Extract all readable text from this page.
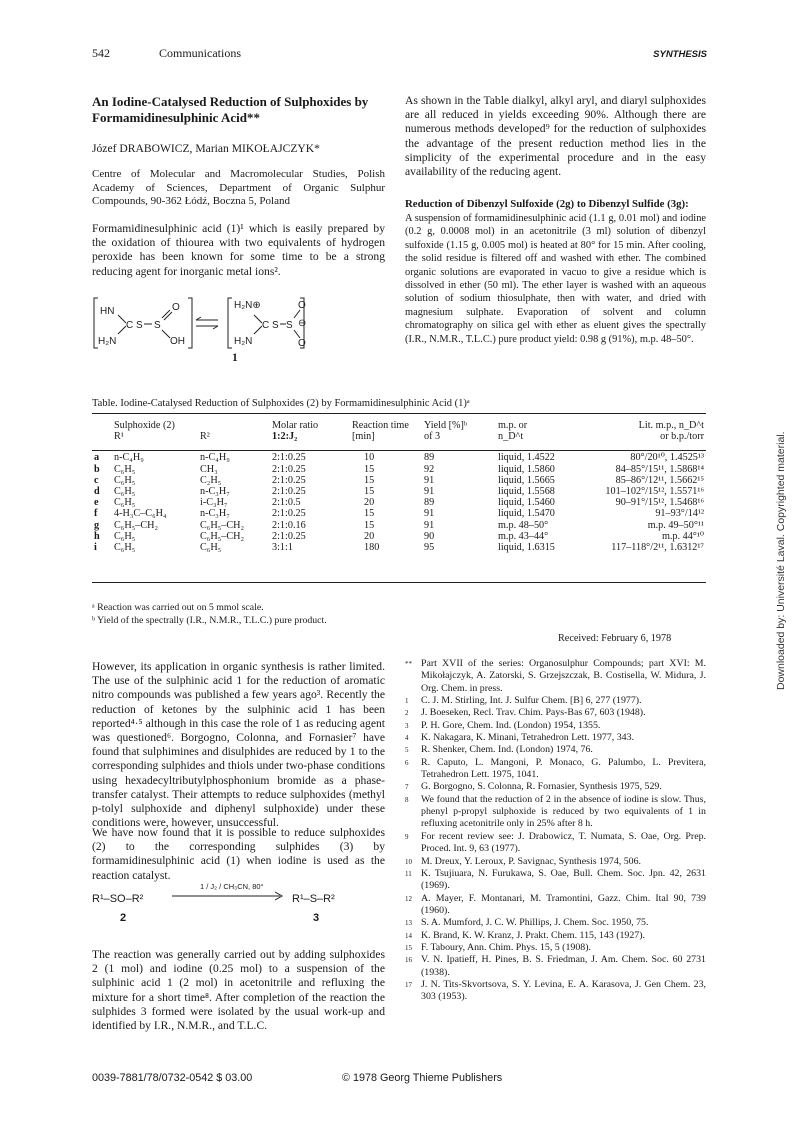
542	Communications	SYNTHESIS
An Iodine-Catalysed Reduction of Sulphoxides by Formamidinesulphinic Acid**
Józef DRABOWICZ, Marian MIKOŁAJCZYK*
Centre of Molecular and Macromolecular Studies, Polish Academy of Sciences, Department of Organic Sulphur Compounds, 90-362 Łódź, Boczna 5, Poland
Formamidinesulphinic acid (1)¹ which is easily prepared by the oxidation of thiourea with two equivalents of hydrogen peroxide has been known for some time to be a strong reducing agent for inorganic metal ions².
HN
C S S
O
OH
H₂N
H₂N⊕
C S S
O
⊖
O
H₂N
1
As shown in the Table dialkyl, alkyl aryl, and diaryl sulphoxides are all reduced in yields exceeding 90%. Although there are numerous methods developed⁹ for the reduction of sulphoxides the advantage of the present reduction method lies in the simplicity of the experimental procedure and in the easy availability of the reducing agent.
Reduction of Dibenzyl Sulfoxide (2g) to Dibenzyl Sulfide (3g):
A suspension of formamidinesulphinic acid (1.1 g, 0.01 mol) and iodine (0.2 g, 0.0008 mol) in an acetonitrile (3 ml) solution of dibenzyl sulfoxide (1.15 g, 0.005 mol) is heated at 80° for 15 min. After cooling, the solid residue is filtered off and washed with ether. The combined organic solutions are evaporated in vacuo to give a residue which is dissolved in ether (50 ml). The ether layer is washed with an aqueous solution of sodium thiosulphate, then with water, and dried with magnesium sulphate. Evaporation of solvent and column chromatography on silica gel with ether as eluent gives the spectrally (I.R., N.M.R., T.L.C.) pure product yield: 0.98 g (91%), m.p. 48–50°.
Table. Iodine-Catalysed Reduction of Sulphoxides (2) by Formamidinesulphinic Acid (1)ᵃ
	Sulphoxide (2)		Molar ratio	Reaction time	Yield [%]ᵇ	m.p. or	Lit. m.p., n_D^t
	R¹	R²	1:2:J₂	[min]	of 3	n_D^t	or b.p./torr

a	n-C₄H₉	n-C₄H₉	2:1:0.25	10	89	liquid, 1.4522	80°/20¹⁰, 1.4525¹³
b	C₆H₅	CH₃	2:1:0.25	15	92	liquid, 1.5860	84–85°/15¹¹, 1.5868¹⁴
c	C₆H₅	C₂H₅	2:1:0.25	15	91	liquid, 1.5665	85–86°/12¹¹, 1.5662¹⁵
d	C₆H₅	n-C₃H₇	2:1:0.25	15	91	liquid, 1.5568	101–102°/15¹², 1.5571¹⁶
e	C₆H₅	i-C₃H₇	2:1:0.5	20	89	liquid, 1.5460	90–91°/15¹², 1.5468¹⁶
f	4-H₃C–C₆H₄	n-C₃H₇	2:1:0.25	15	91	liquid, 1.5470	91–93°/14¹²
g	C₆H₅–CH₂	C₆H₅–CH₂	2:1:0.16	15	91	m.p. 48–50°	m.p. 49–50°¹¹
h	C₆H₅	C₆H₅–CH₂	2:1:0.25	20	90	m.p. 43–44°	m.p. 44°¹⁰
i	C₆H₅	C₆H₅	3:1:1	180	95	liquid, 1.6315	117–118°/2¹¹, 1.6312¹⁷
ᵃ Reaction was carried out on 5 mmol scale.
ᵇ Yield of the spectrally (I.R., N.M.R., T.L.C.) pure product.
Received: February 6, 1978
However, its application in organic synthesis is rather limited. The use of the sulphinic acid 1 for the reduction of aromatic nitro compounds was published a few years ago³. Recently the reduction of ketones by the sulphinic acid 1 has been reported⁴·⁵ although in this case the role of 1 as reducing agent was questioned⁶. Borgogno, Colonna, and Fornasier⁷ have found that sulphimines and disulphides are reduced by 1 to the corresponding sulphides and thiols under two-phase conditions using hexadecyltributylphosphonium bromide as a phase-transfer catalyst. Their attempts to reduce sulphoxides (methyl p-tolyl sulphoxide and diphenyl sulphoxide) under these conditions were, however, unsuccessful.
We have now found that it is possible to reduce sulphoxides (2) to the corresponding sulphides (3) by formamidinesulphinic acid (1) when iodine is used as the reaction catalyst.
R¹–SO–R²
1 / J₂ / CH₃CN, 80°
R¹–S–R²
2	3
The reaction was generally carried out by adding sulphoxides 2 (1 mol) and iodine (0.25 mol) to a suspension of the sulphinic acid 1 (2 mol) in acetonitrile and refluxing the mixture for a short time⁸. After completion of the reaction the sulphides 3 formed were isolated by the usual work-up and identified by I.R., N.M.R., and T.L.C.
** Part XVII of the series: Organosulphur Compounds; part XVI: M. Mikołajczyk, A. Zatorski, S. Grzejszczak, B. Costisella, W. Midura, J. Org. Chem. in press.
1 C. J. M. Stirling, Int. J. Sulfur Chem. [B] 6, 277 (1977).
2 J. Boeseken, Recl. Trav. Chim. Pays-Bas 67, 603 (1948).
3 P. H. Gore, Chem. Ind. (London) 1954, 1355.
4 K. Nakagara, K. Minani, Tetrahedron Lett. 1977, 343.
5 R. Shenker, Chem. Ind. (London) 1974, 76.
6 R. Caputo, L. Mangoni, P. Monaco, G. Palumbo, L. Previtera, Tetrahedron Lett. 1975, 1041.
7 G. Borgogno, S. Colonna, R. Fornasier, Synthesis 1975, 529.
8 We found that the reduction of 2 in the absence of iodine is slow. Thus, phenyl p-propyl sulphoxide is reduced by two equivalents of 1 in refluxing acetonitrile only in 25% after 8 h.
9 For recent review see: J. Drabowicz, T. Numata, S. Oae, Org. Prep. Proced. Int. 9, 63 (1977).
10 M. Dreux, Y. Leroux, P. Savignac, Synthesis 1974, 506.
11 K. Tsujiuara, N. Furukawa, S. Oae, Bull. Chem. Soc. Jpn. 42, 2631 (1969).
12 A. Mayer, F. Montanari, M. Tramontini, Gazz. Chim. Ital 90, 739 (1960).
13 S. A. Mumford, J. C. W. Phillips, J. Chem. Soc. 1950, 75.
14 K. Brand, K. W. Kranz, J. Prakt. Chem. 115, 143 (1927).
15 F. Taboury, Ann. Chim. Phys. 15, 5 (1908).
16 V. N. Ipatieff, H. Pines, B. S. Friedman, J. Am. Chem. Soc. 60 2731 (1938).
17 J. N. Tits-Skvortsova, S. Y. Levina, E. A. Karasova, J. Gen Chem. 23, 303 (1953).
0039-7881/78/0732-0542 $ 03.00	© 1978 Georg Thieme Publishers
Downloaded by: Université Laval. Copyrighted material.
